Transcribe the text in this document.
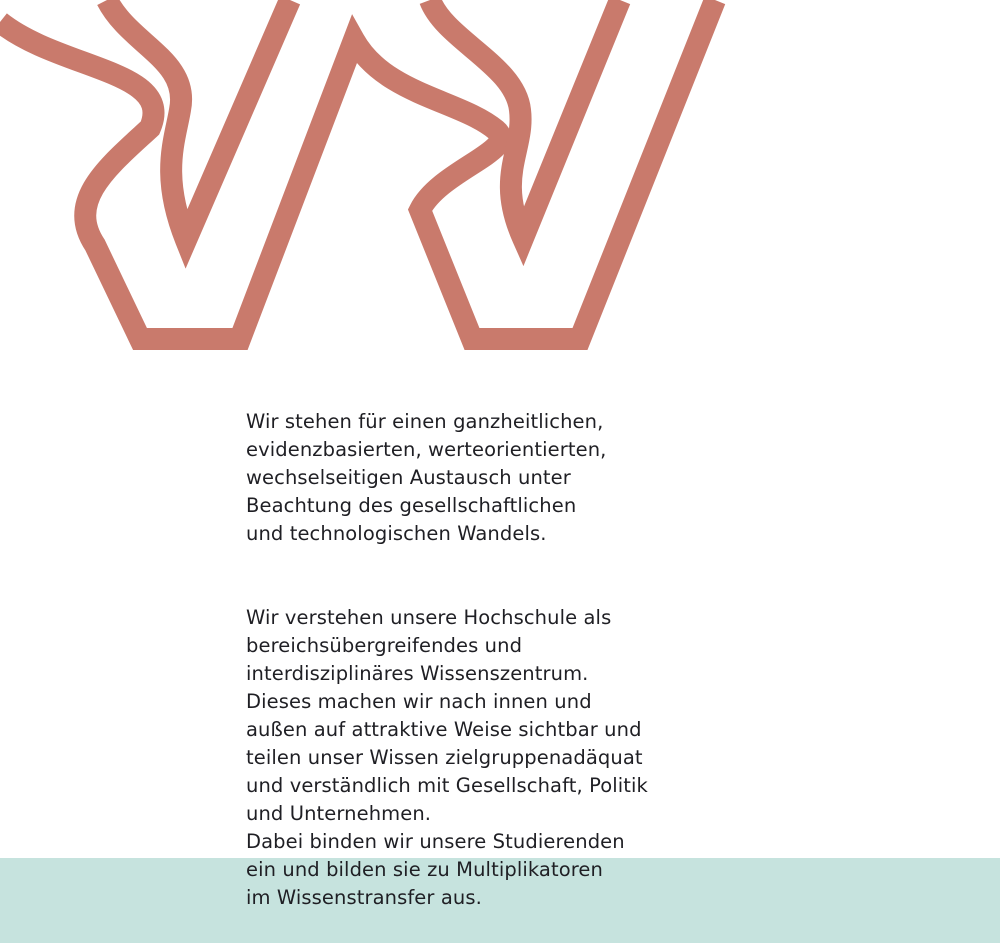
Wir stehen für einen ganzheitlichen,
evidenzbasierten, werteorientierten,
wechselseitigen Austausch unter
Beachtung des gesellschaftlichen
und technologischen Wandels.
Wir verstehen unsere Hochschule als
bereichsübergreifendes und
interdisziplinäres Wissenszentrum.
Dieses machen wir nach innen und
außen auf attraktive Weise sichtbar und
teilen unser Wissen zielgruppenadäquat
und verständlich mit Gesellschaft, Politik
und Unternehmen.
Dabei binden wir unsere Studierenden
ein und bilden sie zu Multiplikatoren
im Wissenstransfer aus.
